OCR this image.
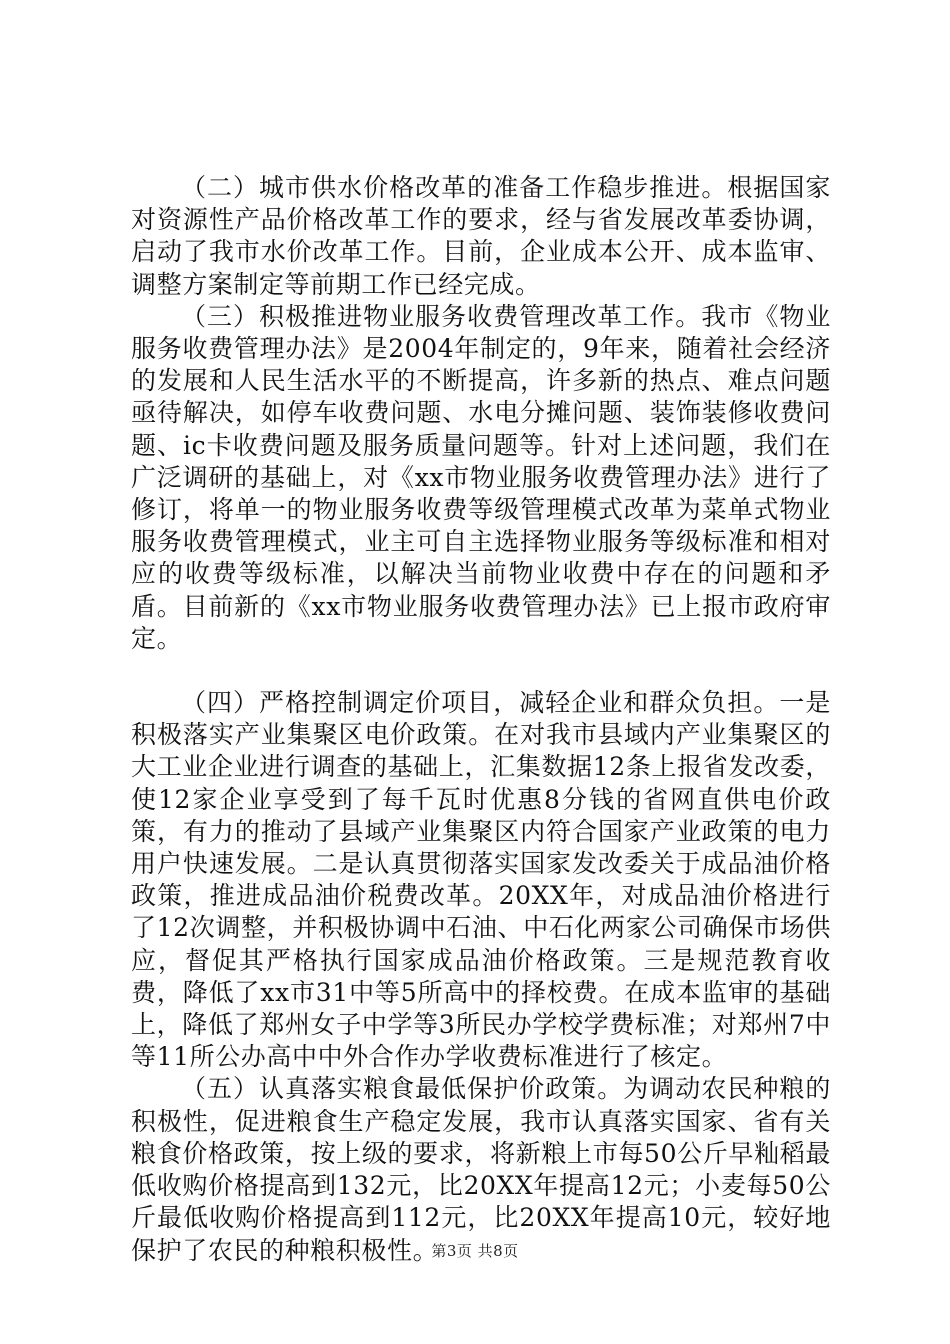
（二）城市供水价格改革的准备工作稳步推进。根据国家对资源性产品价格改革工作的要求，经与省发展改革委协调，启动了我市水价改革工作。目前，企业成本公开、成本监审、调整方案制定等前期工作已经完成。

（三）积极推进物业服务收费管理改革工作。我市《物业服务收费管理办法》是2004年制定的，9年来，随着社会经济的发展和人民生活水平的不断提高，许多新的热点、难点问题亟待解决，如停车收费问题、水电分摊问题、装饰装修收费问题、ic卡收费问题及服务质量问题等。针对上述问题，我们在广泛调研的基础上，对《xx市物业服务收费管理办法》进行了修订，将单一的物业服务收费等级管理模式改革为菜单式物业服务收费管理模式，业主可自主选择物业服务等级标准和相对应的收费等级标准，以解决当前物业收费中存在的问题和矛盾。目前新的《xx市物业服务收费管理办法》已上报市政府审定。

（四）严格控制调定价项目，减轻企业和群众负担。一是积极落实产业集聚区电价政策。在对我市县域内产业集聚区的大工业企业进行调查的基础上，汇集数据12条上报省发改委，使12家企业享受到了每千瓦时优惠8分钱的省网直供电价政策，有力的推动了县域产业集聚区内符合国家产业政策的电力用户快速发展。二是认真贯彻落实国家发改委关于成品油价格政策，推进成品油价税费改革。20XX年，对成品油价格进行了12次调整，并积极协调中石油、中石化两家公司确保市场供应，督促其严格执行国家成品油价格政策。三是规范教育收费，降低了xx市31中等5所高中的择校费。在成本监审的基础上，降低了郑州女子中学等3所民办学校学费标准；对郑州7中等11所公办高中中外合作办学收费标准进行了核定。

（五）认真落实粮食最低保护价政策。为调动农民种粮的积极性，促进粮食生产稳定发展，我市认真落实国家、省有关粮食价格政策，按上级的要求，将新粮上市每50公斤早籼稻最低收购价格提高到132元，比20XX年提高12元；小麦每50公斤最低收购价格提高到112元，比20XX年提高10元，较好地保护了农民的种粮积极性。

第3页 共8页
